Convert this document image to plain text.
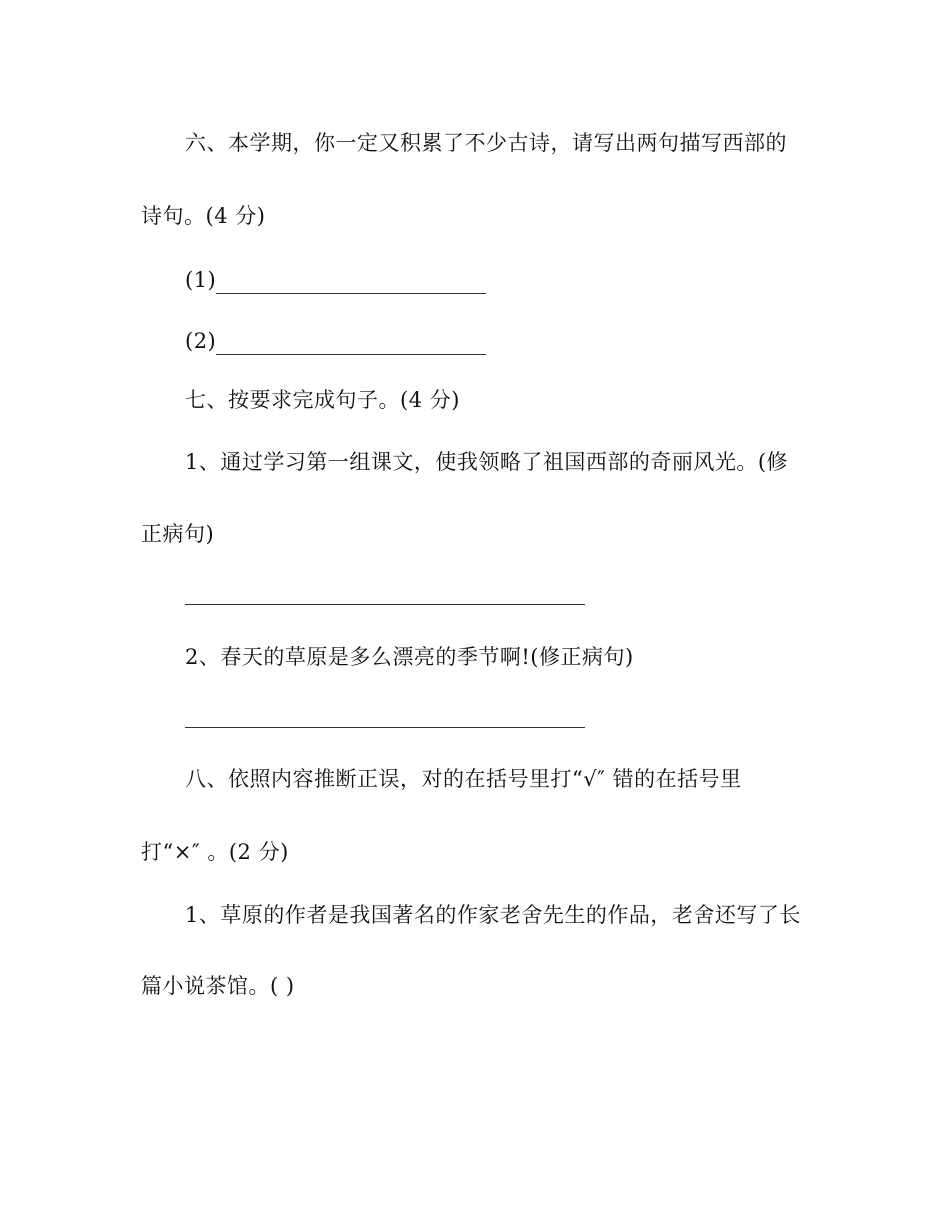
六、本学期，你一定又积累了不少古诗，请写出两句描写西部的
诗句。(4 分)
(1)
(2)
七、按要求完成句子。(4 分)
1、通过学习第一组课文，使我领略了祖国西部的奇丽风光。(修
正病句)
2、春天的草原是多么漂亮的季节啊!(修正病句)
八、依照内容推断正误，对的在括号里打“√″ 错的在括号里
打“×″ 。(2 分)
1、草原的作者是我国著名的作家老舍先生的作品，老舍还写了长
篇小说茶馆。( )
